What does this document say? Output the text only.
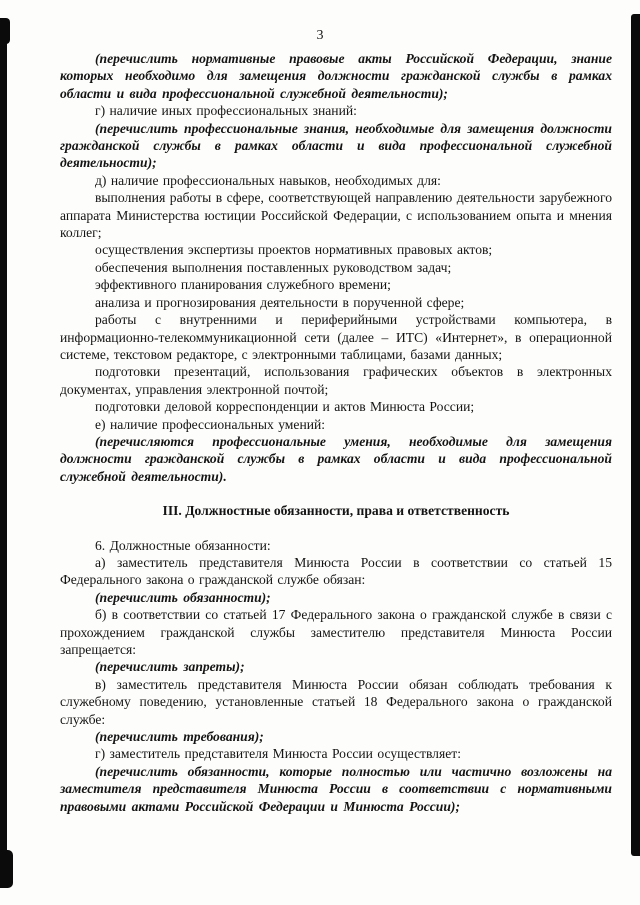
3

(перечислить нормативные правовые акты Российской Федерации, знание которых необходимо для замещения должности гражданской службы в рамках области и вида профессиональной служебной деятельности);

г) наличие иных профессиональных знаний:

(перечислить профессиональные знания, необходимые для замещения должности гражданской службы в рамках области и вида профессиональной служебной деятельности);

д) наличие профессиональных навыков, необходимых для:

выполнения работы в сфере, соответствующей направлению деятельности зарубежного аппарата Министерства юстиции Российской Федерации, с использованием опыта и мнения коллег;

осуществления экспертизы проектов нормативных правовых актов;

обеспечения выполнения поставленных руководством задач;

эффективного планирования служебного времени;

анализа и прогнозирования деятельности в порученной сфере;

работы с внутренними и периферийными устройствами компьютера, в информационно-телекоммуникационной сети (далее – ИТС) «Интернет», в операционной системе, текстовом редакторе, с электронными таблицами, базами данных;

подготовки презентаций, использования графических объектов в электронных документах, управления электронной почтой;

подготовки деловой корреспонденции и актов Минюста России;

е) наличие профессиональных умений:

(перечисляются профессиональные умения, необходимые для замещения должности гражданской службы в рамках области и вида профессиональной служебной деятельности).

III. Должностные обязанности, права и ответственность

6. Должностные обязанности:

а) заместитель представителя Минюста России в соответствии со статьей 15 Федерального закона о гражданской службе обязан:

(перечислить обязанности);

б) в соответствии со статьей 17 Федерального закона о гражданской службе в связи с прохождением гражданской службы заместителю представителя Минюста России запрещается:

(перечислить запреты);

в) заместитель представителя Минюста России обязан соблюдать требования к служебному поведению, установленные статьей 18 Федерального закона о гражданской службе:

(перечислить требования);

г) заместитель представителя Минюста России осуществляет:

(перечислить обязанности, которые полностью или частично возложены на заместителя представителя Минюста России в соответствии с нормативными правовыми актами Российской Федерации и Минюста России);
